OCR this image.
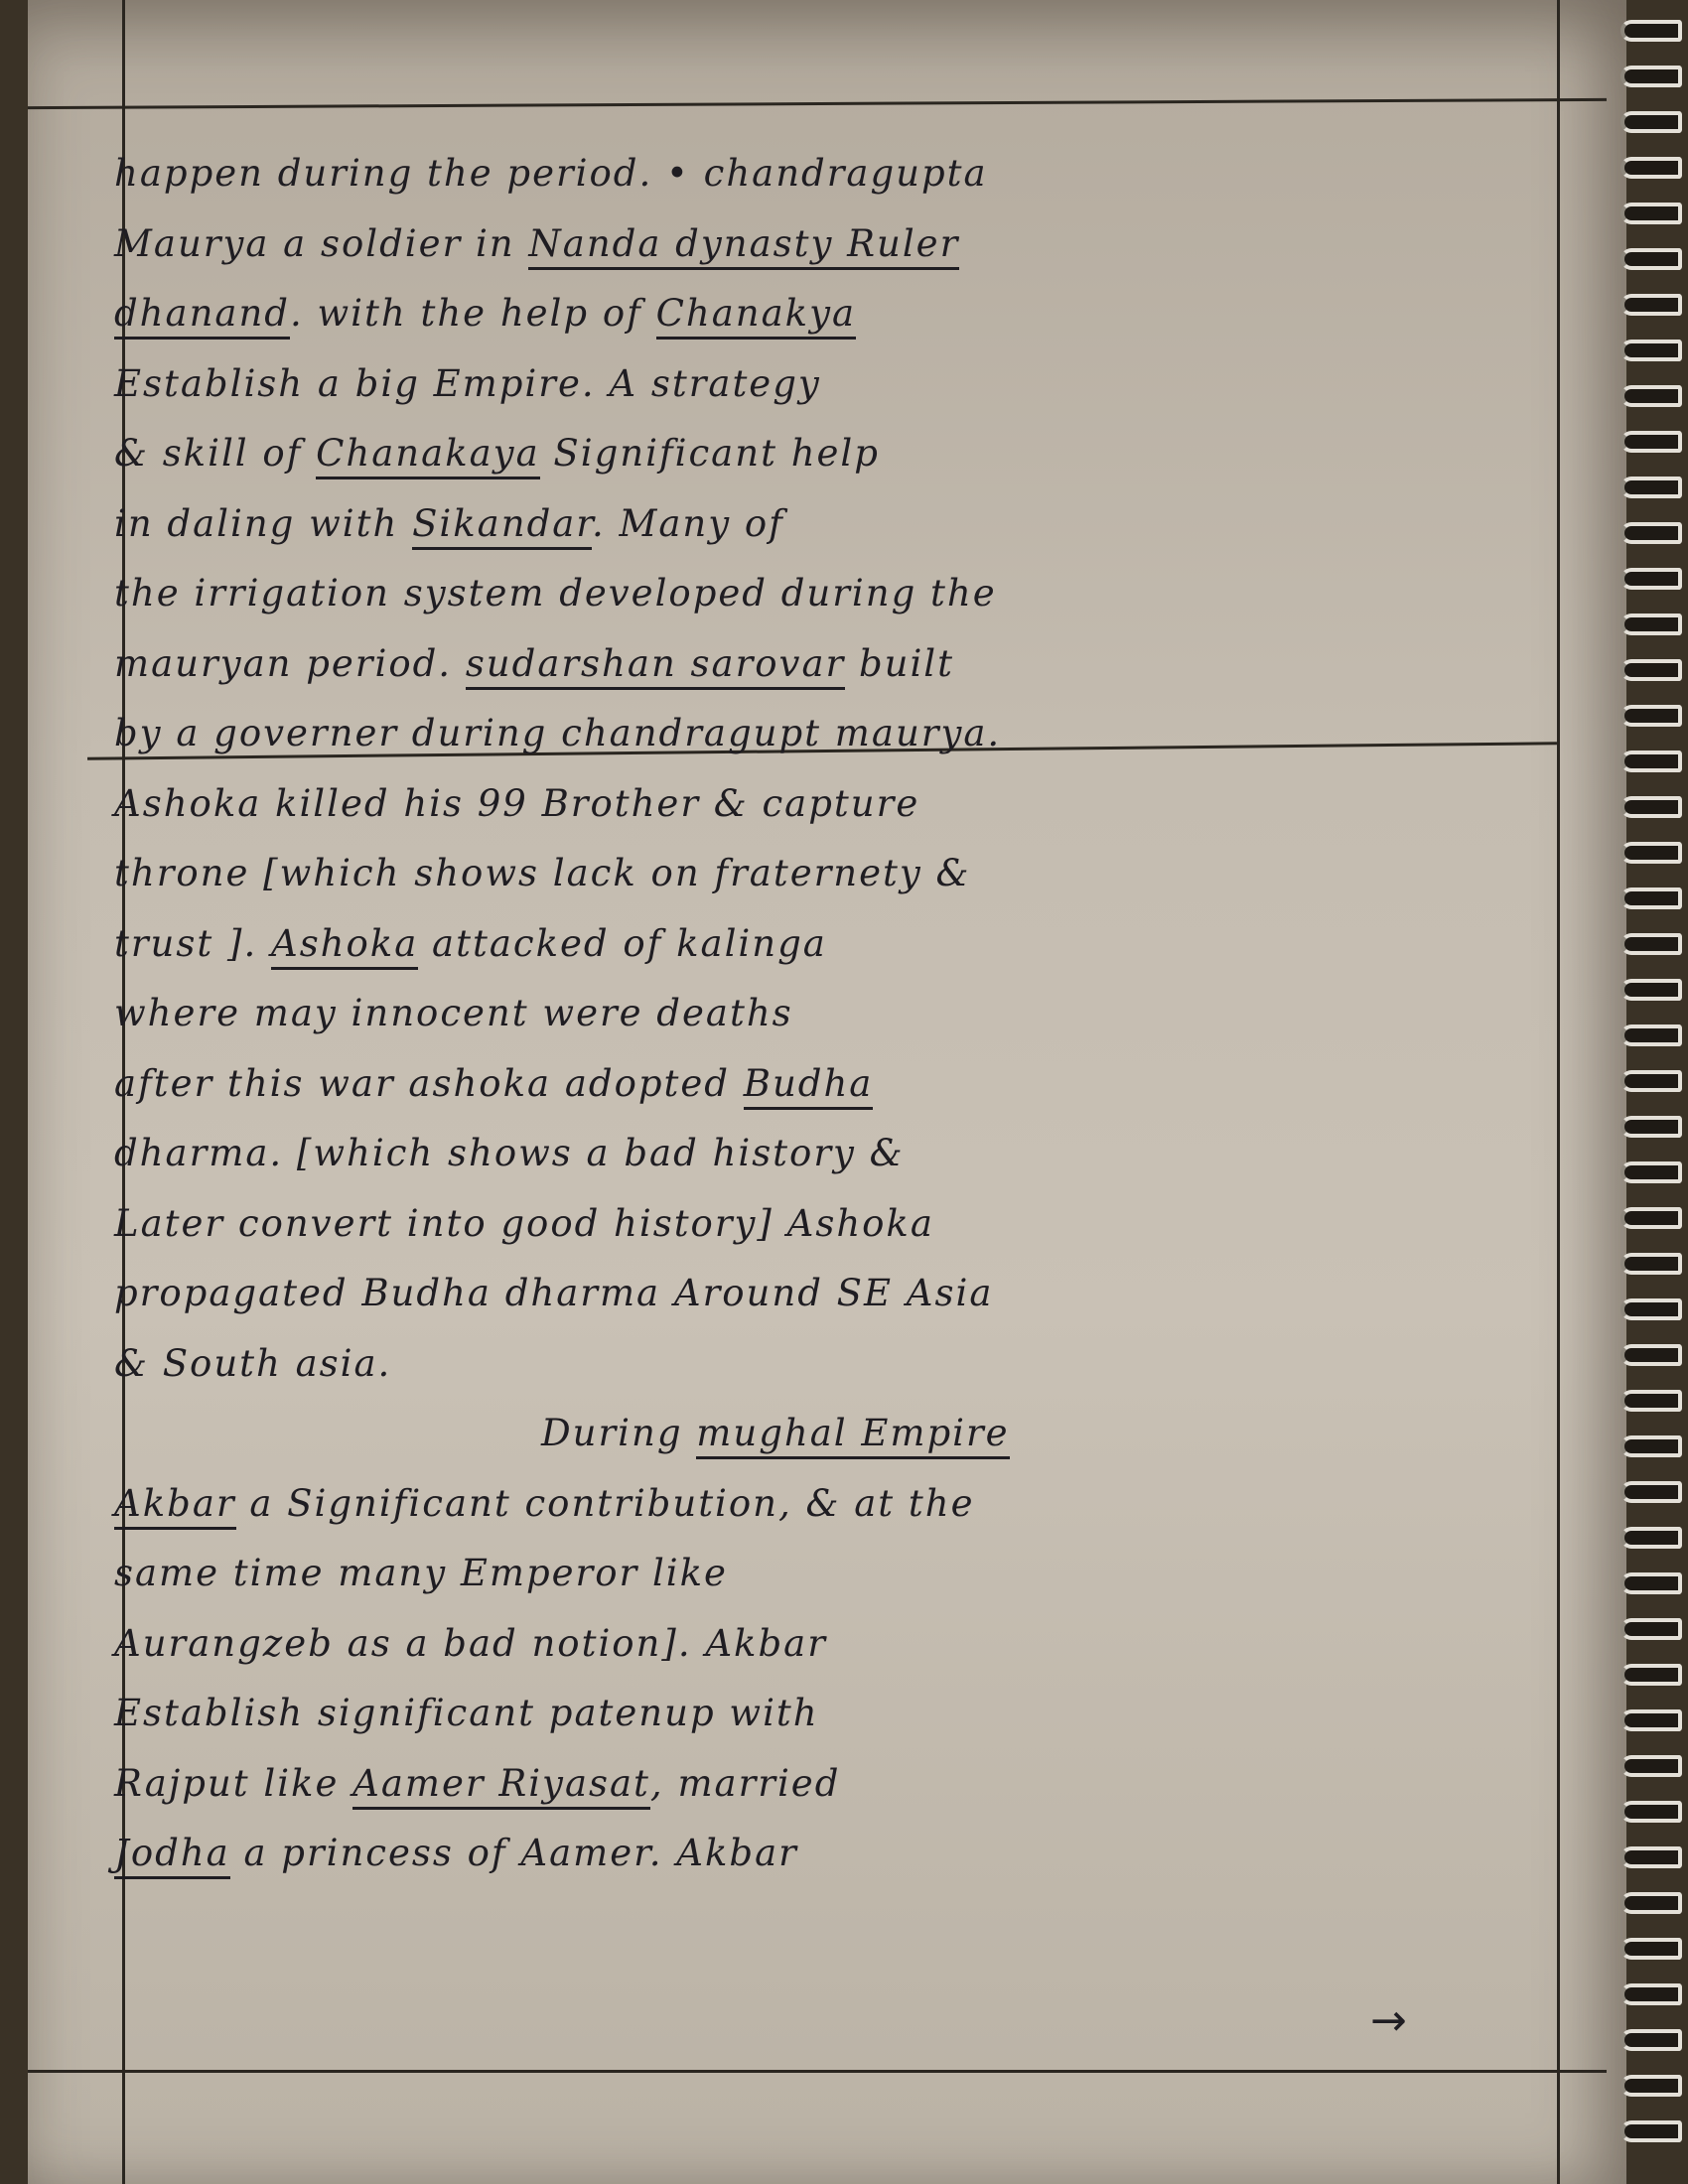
happen during the period. • chandragupta
Maurya a soldier in Nanda dynasty Ruler
dhanand. with the help of Chanakya
Establish a big Empire. A strategy
& skill of Chanakaya Significant help
in daling with Sikandar. Many of
the irrigation system developed during the
mauryan period. sudarshan sarovar built
by a governer during chandragupt maurya.
Ashoka killed his 99 Brother & capture
throne [which shows lack on fraternety &
trust ]. Ashoka attacked of kalinga
where may innocent were deaths
after this war ashoka adopted Budha
dharma. [which shows a bad history &
Later convert into good history] Ashoka
propagated Budha dharma Around SE Asia
& South asia.
During mughal Empire
Akbar a Significant contribution, & at the
same time many Emperor like
Aurangzeb as a bad notion]. Akbar
Establish significant patenup with
Rajput like Aamer Riyasat, married
Jodha a princess of Aamer. Akbar
→
